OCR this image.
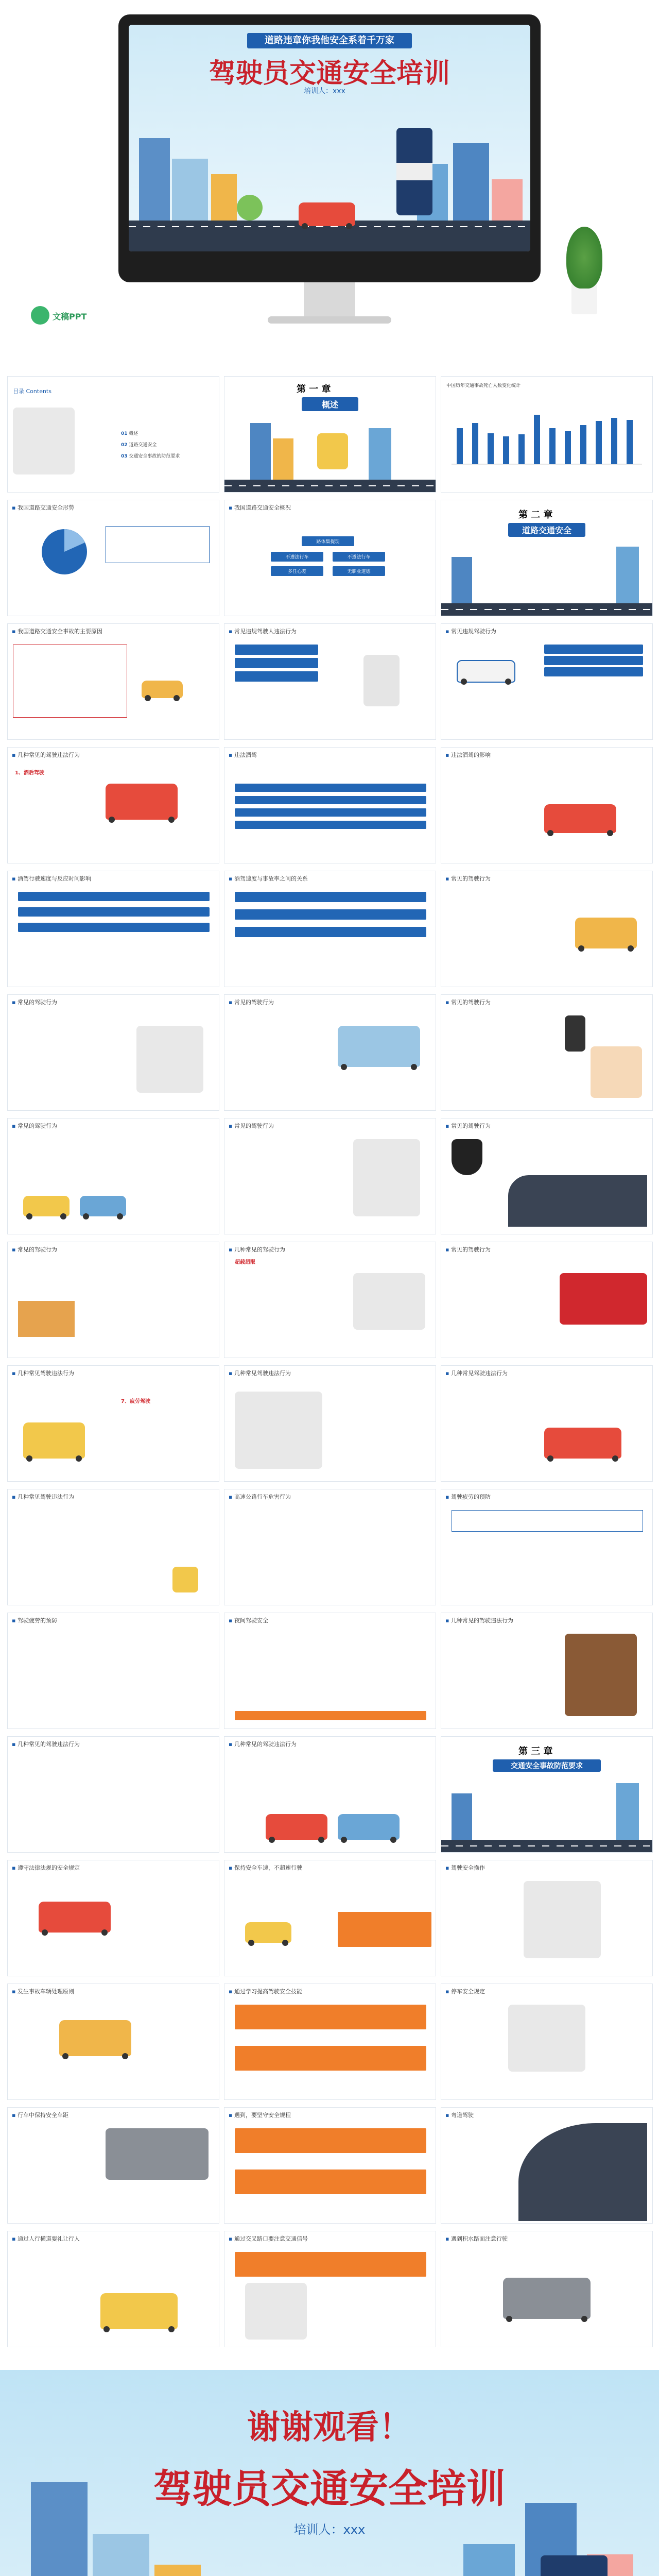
道路违章你我他安全系着千万家
驾驶员交通安全培训
培训人：xxx
文稿PPT
目录 Contents
01 概述
02 道路交通安全
03 交通安全事故的防范要求
第 一 章
概述
中国历年交通事故死亡人数变化统计
▪ 我国道路交通安全形势	▪ 我国道路交通安全概况
路体集提现
不遵法行车	不遵法行车
多任心差	无职业道德
第 二 章
道路交通安全
▪ 我国道路交通安全事故的主要原因	▪ 常见违规驾驶人违法行为	▪ 常见违规驾驶行为
▪ 几种常见的驾驶违法行为
1、酒后驾驶
▪ 违法酒驾	▪ 违法酒驾的影响
▪ 酒驾行驶速度与反应时间影响	▪ 酒驾速度与事故率之间的关系	▪ 常见的驾驶行为
▪ 常见的驾驶行为	▪ 常见的驾驶行为	▪ 常见的驾驶行为
▪ 常见的驾驶行为	▪ 常见的驾驶行为	▪ 常见的驾驶行为
▪ 常见的驾驶行为	▪ 几种常见的驾驶行为
超载超限
▪ 常见的驾驶行为
▪ 几种常见驾驶违法行为
7、疲劳驾驶
▪ 几种常见驾驶违法行为	▪ 几种常见驾驶违法行为
▪ 几种常见驾驶违法行为	▪ 高速公路行车危害行为	▪ 驾驶疲劳的预防
▪ 驾驶疲劳的预防	▪ 夜间驾驶安全	▪ 几种常见的驾驶违法行为
▪ 几种常见的驾驶违法行为	▪ 几种常见的驾驶违法行为
第 三 章
交通安全事故防范要求
▪ 遵守法律法规的安全规定	▪ 保持安全车速，不超速行驶	▪ 驾驶安全操作
▪ 发生事故车辆处理原则	▪ 通过学习提高驾驶安全技能	▪ 停车安全规定
▪ 行车中保持安全车距	▪ 遇到，要坚守安全规程	▪ 弯道驾驶
▪ 通过人行横道要礼让行人	▪ 通过交叉路口要注意交通信号	▪ 遇到积水路面注意行驶
谢谢观看！
驾驶员交通安全培训
培训人：xxx
